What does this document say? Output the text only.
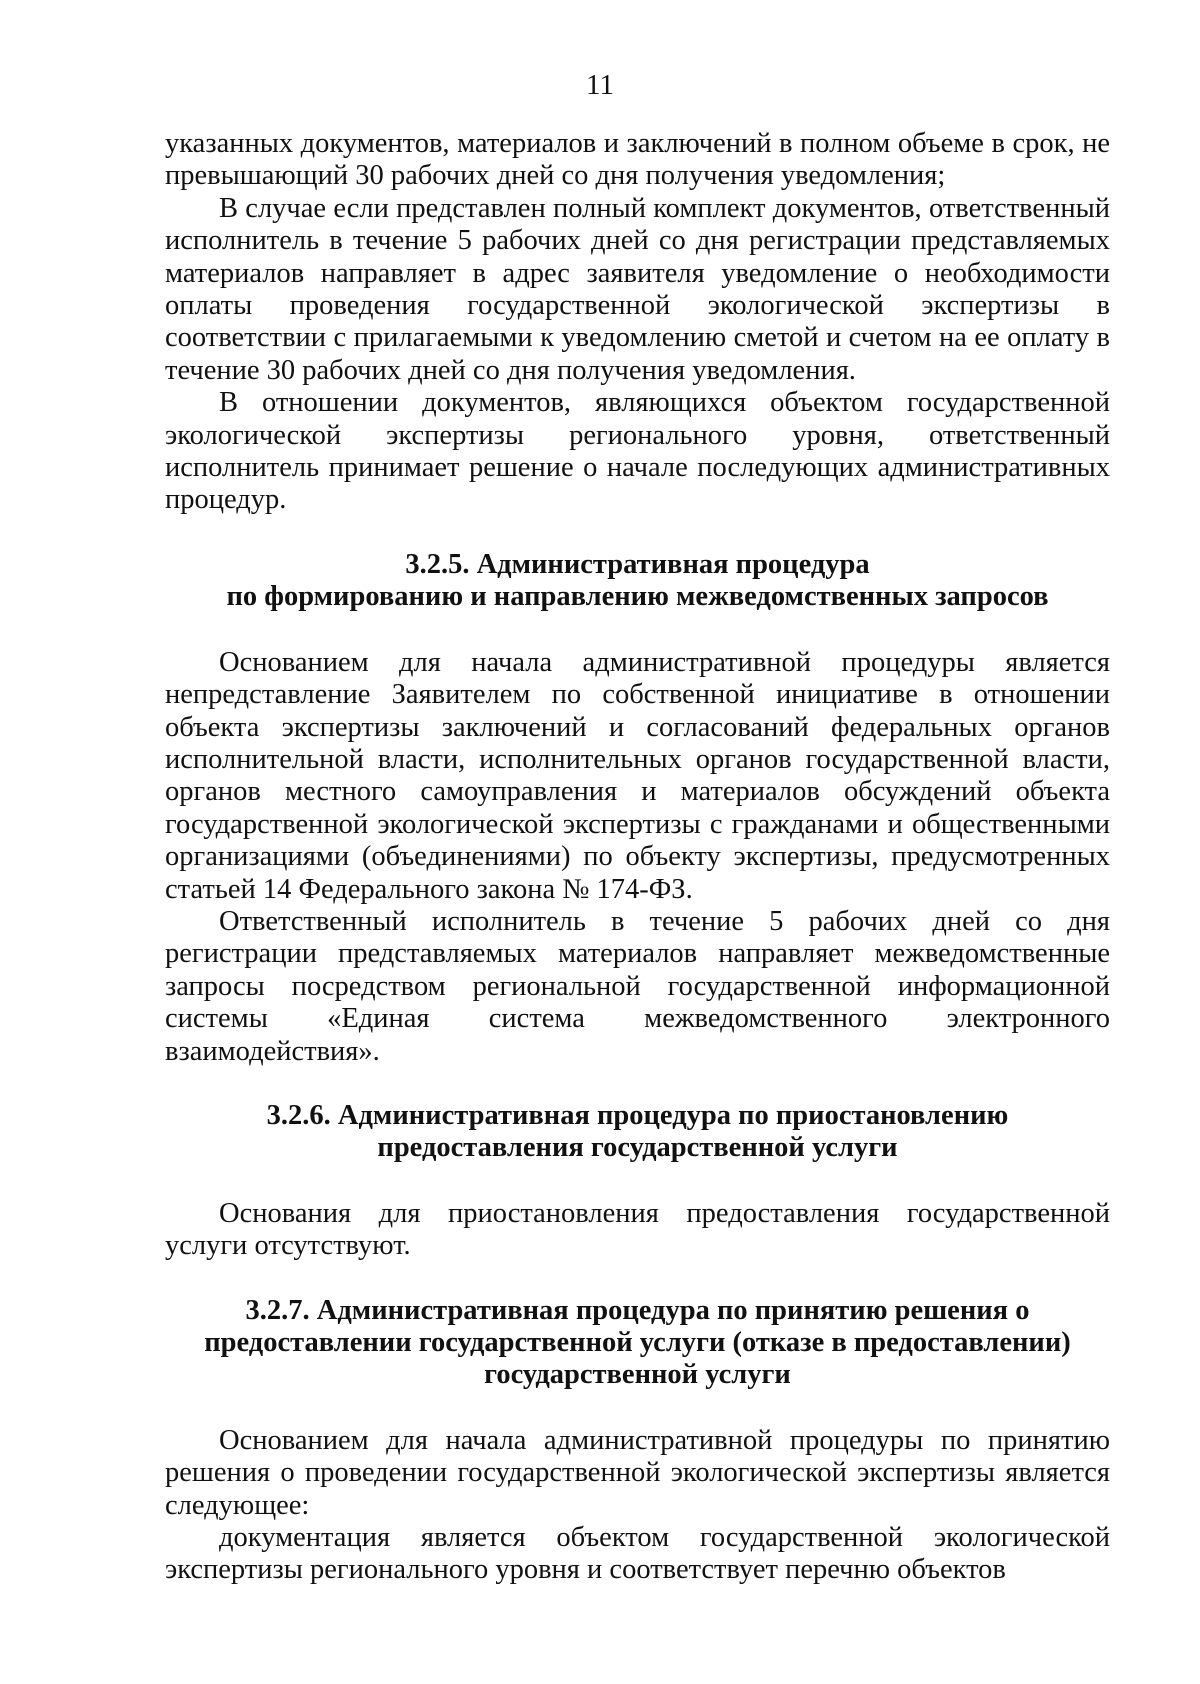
11

указанных документов, материалов и заключений в полном объеме в срок, не превышающий 30 рабочих дней со дня получения уведомления;

В случае если представлен полный комплект документов, ответственный исполнитель в течение 5 рабочих дней со дня регистрации представляемых материалов направляет в адрес заявителя уведомление о необходимости оплаты проведения государственной экологической экспертизы в соответствии с прилагаемыми к уведомлению сметой и счетом на ее оплату в течение 30 рабочих дней со дня получения уведомления.

В отношении документов, являющихся объектом государственной экологической экспертизы регионального уровня, ответственный исполнитель принимает решение о начале последующих административных процедур.

3.2.5. Административная процедура
по формированию и направлению межведомственных запросов

Основанием для начала административной процедуры является непредставление Заявителем по собственной инициативе в отношении объекта экспертизы заключений и согласований федеральных органов исполнительной власти, исполнительных органов государственной власти, органов местного самоуправления и материалов обсуждений объекта государственной экологической экспертизы с гражданами и общественными организациями (объединениями) по объекту экспертизы, предусмотренных статьей 14 Федерального закона № 174-ФЗ.

Ответственный исполнитель в течение 5 рабочих дней со дня регистрации представляемых материалов направляет межведомственные запросы посредством региональной государственной информационной системы «Единая система межведомственного электронного взаимодействия».

3.2.6. Административная процедура по приостановлению
предоставления государственной услуги

Основания для приостановления предоставления государственной услуги отсутствуют.

3.2.7. Административная процедура по принятию решения о
предоставлении государственной услуги (отказе в предоставлении)
государственной услуги

Основанием для начала административной процедуры по принятию решения о проведении государственной экологической экспертизы является следующее:

документация является объектом государственной экологической экспертизы регионального уровня и соответствует перечню объектов
